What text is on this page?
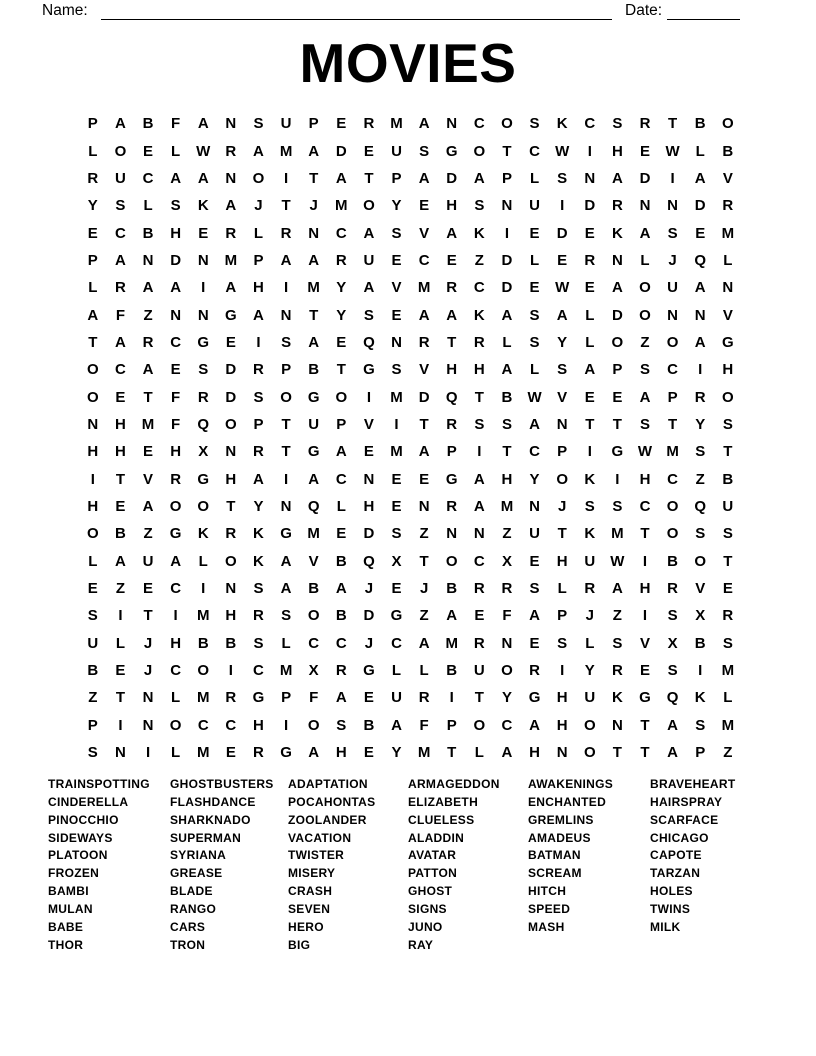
Name:	Date:
MOVIES
P	A	B	F	A	N	S	U	P	E	R	M	A	N	C	O	S	K	C	S	R	T	B	O
L	O	E	L	W	R	A	M	A	D	E	U	S	G	O	T	C	W	I	H	E	W	L	B
R	U	C	A	A	N	O	I	T	A	T	P	A	D	A	P	L	S	N	A	D	I	A	V
Y	S	L	S	K	A	J	T	J	M	O	Y	E	H	S	N	U	I	D	R	N	N	D	R
E	C	B	H	E	R	L	R	N	C	A	S	V	A	K	I	E	D	E	K	A	S	E	M
P	A	N	D	N	M	P	A	A	R	U	E	C	E	Z	D	L	E	R	N	L	J	Q	L
L	R	A	A	I	A	H	I	M	Y	A	V	M	R	C	D	E	W	E	A	O	U	A	N
A	F	Z	N	N	G	A	N	T	Y	S	E	A	A	K	A	S	A	L	D	O	N	N	V
T	A	R	C	G	E	I	S	A	E	Q	N	R	T	R	L	S	Y	L	O	Z	O	A	G
O	C	A	E	S	D	R	P	B	T	G	S	V	H	H	A	L	S	A	P	S	C	I	H
O	E	T	F	R	D	S	O	G	O	I	M	D	Q	T	B	W	V	E	E	A	P	R	O
N	H	M	F	Q	O	P	T	U	P	V	I	T	R	S	S	A	N	T	T	S	T	Y	S
H	H	E	H	X	N	R	T	G	A	E	M	A	P	I	T	C	P	I	G W M	S	T
I	T	V	R	G	H	A	I	A	C	N	E	E	G	A	H	Y	O	K	I	H	C	Z	B
H	E	A	O	O	T	Y	N	Q	L	H	E	N	R	A	M	N	J	S	S	C	O	Q	U
O	B	Z	G	K	R	K	G	M	E	D	S	Z	N	N	Z	U	T	K	M	T	O	S	S
L	A	U	A	L	O	K	A	V	B	Q	X	T	O	C	X	E	H	U	W	I	B	O	T
E	Z	E	C	I	N	S	A	B	A	J	E	J	B	R	R	S	L	R	A	H	R	V	E
S	I	T	I	M	H	R	S	O	B	D	G	Z	A	E	F	A	P	J	Z	I	S	X	R
U	L	J	H	B	B	S	L	C	C	J	C	A	M	R	N	E	S	L	S	V	X	B	S
B	E	J	C	O	I	C	M	X	R	G	L	L	B	U	O	R	I	Y	R	E	S	I	M
Z	T	N	L	M	R	G	P	F	A	E	U	R	I	T	Y	G	H	U	K	G	Q	K	L
P	I	N	O	C	C	H	I	O	S	B	A	F	P	O	C	A	H	O	N	T	A	S	M
S	N	I	L	M	E	R	G	A	H	E	Y	M	T	L	A	H	N	O	T	T	A	P	Z
TRAINSPOTTING
CINDERELLA
PINOCCHIO
SIDEWAYS
PLATOON
FROZEN
BAMBI
MULAN
BABE
THOR
GHOSTBUSTERS
FLASHDANCE
SHARKNADO
SUPERMAN
SYRIANA
GREASE
BLADE
RANGO
CARS
TRON
ADAPTATION
POCAHONTAS
ZOOLANDER
VACATION
TWISTER
MISERY
CRASH
SEVEN
HERO
BIG
ARMAGEDDON
ELIZABETH
CLUELESS
ALADDIN
AVATAR
PATTON
GHOST
SIGNS
JUNO
RAY
AWAKENINGS
ENCHANTED
GREMLINS
AMADEUS
BATMAN
SCREAM
HITCH
SPEED
MASH
BRAVEHEART
HAIRSPRAY
SCARFACE
CHICAGO
CAPOTE
TARZAN
HOLES
TWINS
MILK
